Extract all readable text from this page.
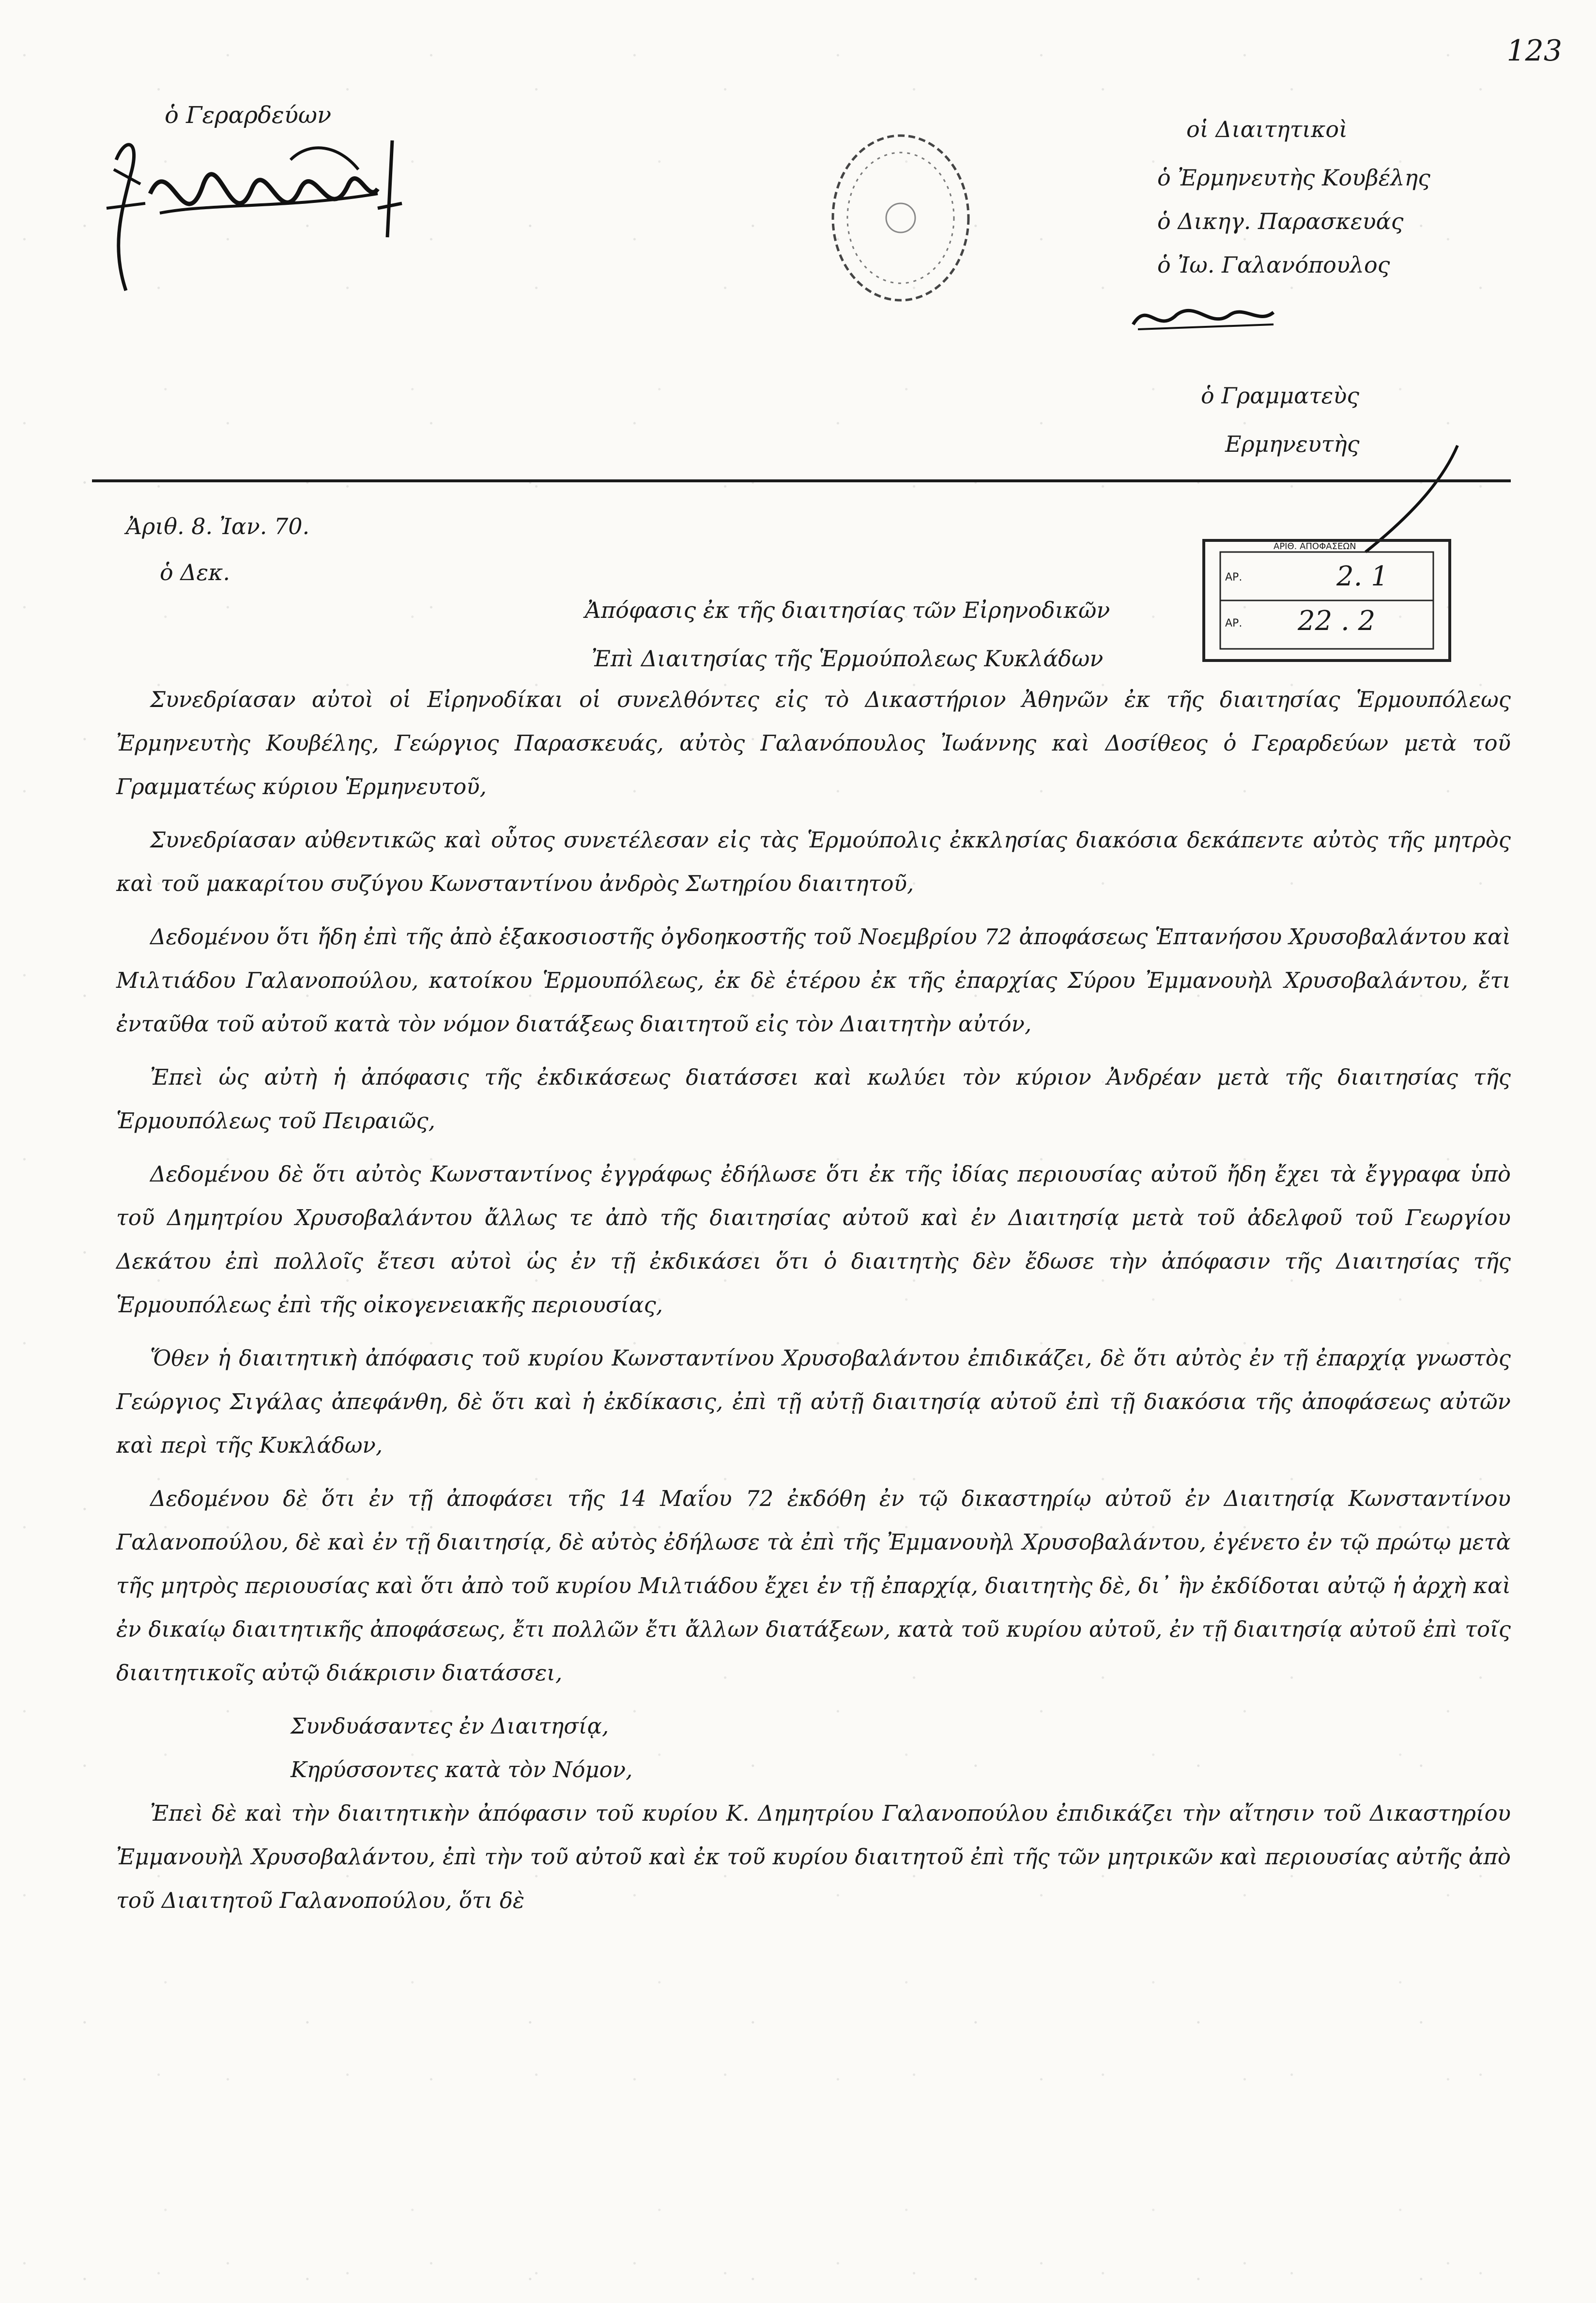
123
ὁ Γεραρδεύων
οἱ Διαιτητικοὶ
ὁ Ἐρμηνευτὴς Κουβέλης
ὁ Δικηγ. Παρασκευάς
ὁ Ἰω. Γαλανόπουλος
ὁ Γραμματεὺς
Ερμηνευτὴς
Ἀριθ. 8. Ἰαν. 70.
ὁ Δεκ.
ΑΡΙΘ. ΑΠΟΦΑΣΕΩΝ
ΑΡ.	2. 1
ΑΡ. 22 . 2
Ἀπόφασις ἐκ τῆς διαιτησίας τῶν Εἰρηνοδικῶν
Ἐπὶ Διαιτησίας τῆς Ἑρμούπολεως Κυκλάδων

Συνεδρίασαν αὐτοὶ οἱ Εἰρηνοδίκαι οἱ συνελθόντες εἰς τὸ Δικαστήριον Ἀθηνῶν ἐκ τῆς διαιτησίας Ἑρμουπόλεως Ἐρμηνευτὴς Κουβέλης, Γεώργιος Παρασκευάς, αὐτὸς Γαλανόπουλος Ἰωάννης καὶ Δοσίθεος ὁ Γεραρδεύων μετὰ τοῦ Γραμματέως κύριου Ἑρμηνευτοῦ,

Συνεδρίασαν αὐθεντικῶς καὶ οὗτος συνετέλεσαν εἰς τὰς Ἑρμούπολις ἐκκλησίας διακόσια δεκάπεντε αὐτὸς τῆς μητρὸς καὶ τοῦ μακαρίτου συζύγου Κωνσταντίνου ἀνδρὸς Σωτηρίου διαιτητοῦ,

Δεδομένου ὅτι ἤδη ἐπὶ τῆς ἀπὸ ἑξακοσιοστῆς ὀγδοηκοστῆς τοῦ Νοεμβρίου 72 ἀποφάσεως Ἑπτανήσου Χρυσοβαλάντου καὶ Μιλτιάδου Γαλανοπούλου, κατοίκου Ἑρμουπόλεως, ἐκ δὲ ἑτέρου ἐκ τῆς ἐπαρχίας Σύρου Ἐμμανουὴλ Χρυσοβαλάντου, ἔτι ἐνταῦθα τοῦ αὐτοῦ κατὰ τὸν νόμον διατάξεως διαιτητοῦ εἰς τὸν Διαιτητὴν αὐτόν,

Ἐπεὶ ὡς αὐτὴ ἡ ἀπόφασις τῆς ἐκδικάσεως διατάσσει καὶ κωλύει τὸν κύριον Ἀνδρέαν μετὰ τῆς διαιτησίας τῆς Ἑρμουπόλεως τοῦ Πειραιῶς,

Δεδομένου δὲ ὅτι αὐτὸς Κωνσταντίνος ἐγγράφως ἐδήλωσε ὅτι ἐκ τῆς ἰδίας περιουσίας αὐτοῦ ἤδη ἔχει τὰ ἔγγραφα ὑπὸ τοῦ Δημητρίου Χρυσοβαλάντου ἄλλως τε ἀπὸ τῆς διαιτησίας αὐτοῦ καὶ ἐν Διαιτησίᾳ μετὰ τοῦ ἀδελφοῦ τοῦ Γεωργίου Δεκάτου ἐπὶ πολλοῖς ἔτεσι αὐτοὶ ὡς ἐν τῇ ἐκδικάσει ὅτι ὁ διαιτητὴς δὲν ἔδωσε τὴν ἀπόφασιν τῆς Διαιτησίας τῆς Ἑρμουπόλεως ἐπὶ τῆς οἰκογενειακῆς περιουσίας,

Ὅθεν ἡ διαιτητικὴ ἀπόφασις τοῦ κυρίου Κωνσταντίνου Χρυσοβαλάντου ἐπιδικάζει, δὲ ὅτι αὐτὸς ἐν τῇ ἐπαρχίᾳ γνωστὸς Γεώργιος Σιγάλας ἀπεφάνθη, δὲ ὅτι καὶ ἡ ἐκδίκασις, ἐπὶ τῇ αὐτῇ διαιτησίᾳ αὐτοῦ ἐπὶ τῇ διακόσια τῆς ἀποφάσεως αὐτῶν καὶ περὶ τῆς Κυκλάδων,

Δεδομένου δὲ ὅτι ἐν τῇ ἀποφάσει τῆς 14 Μαΐου 72 ἐκδόθη ἐν τῷ δικαστηρίῳ αὐτοῦ ἐν Διαιτησίᾳ Κωνσταντίνου Γαλανοπούλου, δὲ καὶ ἐν τῇ διαιτησίᾳ, δὲ αὐτὸς ἐδήλωσε τὰ ἐπὶ τῆς Ἐμμανουὴλ Χρυσοβαλάντου, ἐγένετο ἐν τῷ πρώτῳ μετὰ τῆς μητρὸς περιουσίας καὶ ὅτι ἀπὸ τοῦ κυρίου Μιλτιάδου ἔχει ἐν τῇ ἐπαρχίᾳ, διαιτητὴς δὲ, δι᾽ ἣν ἐκδίδοται αὐτῷ ἡ ἀρχὴ καὶ ἐν δικαίῳ διαιτητικῆς ἀποφάσεως, ἔτι πολλῶν ἔτι ἄλλων διατάξεων, κατὰ τοῦ κυρίου αὐτοῦ, ἐν τῇ διαιτησίᾳ αὐτοῦ ἐπὶ τοῖς διαιτητικοῖς αὐτῷ διάκρισιν διατάσσει,

Συνδυάσαντες ἐν Διαιτησίᾳ,

Κηρύσσοντες κατὰ τὸν Νόμον,

Ἐπεὶ δὲ καὶ τὴν διαιτητικὴν ἀπόφασιν τοῦ κυρίου Κ. Δημητρίου Γαλανοπούλου ἐπιδικάζει τὴν αἴτησιν τοῦ Δικαστηρίου Ἐμμανουὴλ Χρυσοβαλάντου, ἐπὶ τὴν τοῦ αὐτοῦ καὶ ἐκ τοῦ κυρίου διαιτητοῦ ἐπὶ τῆς τῶν μητρικῶν καὶ περιουσίας αὐτῆς ἀπὸ τοῦ Διαιτητοῦ Γαλανοπούλου, ὅτι δὲ
